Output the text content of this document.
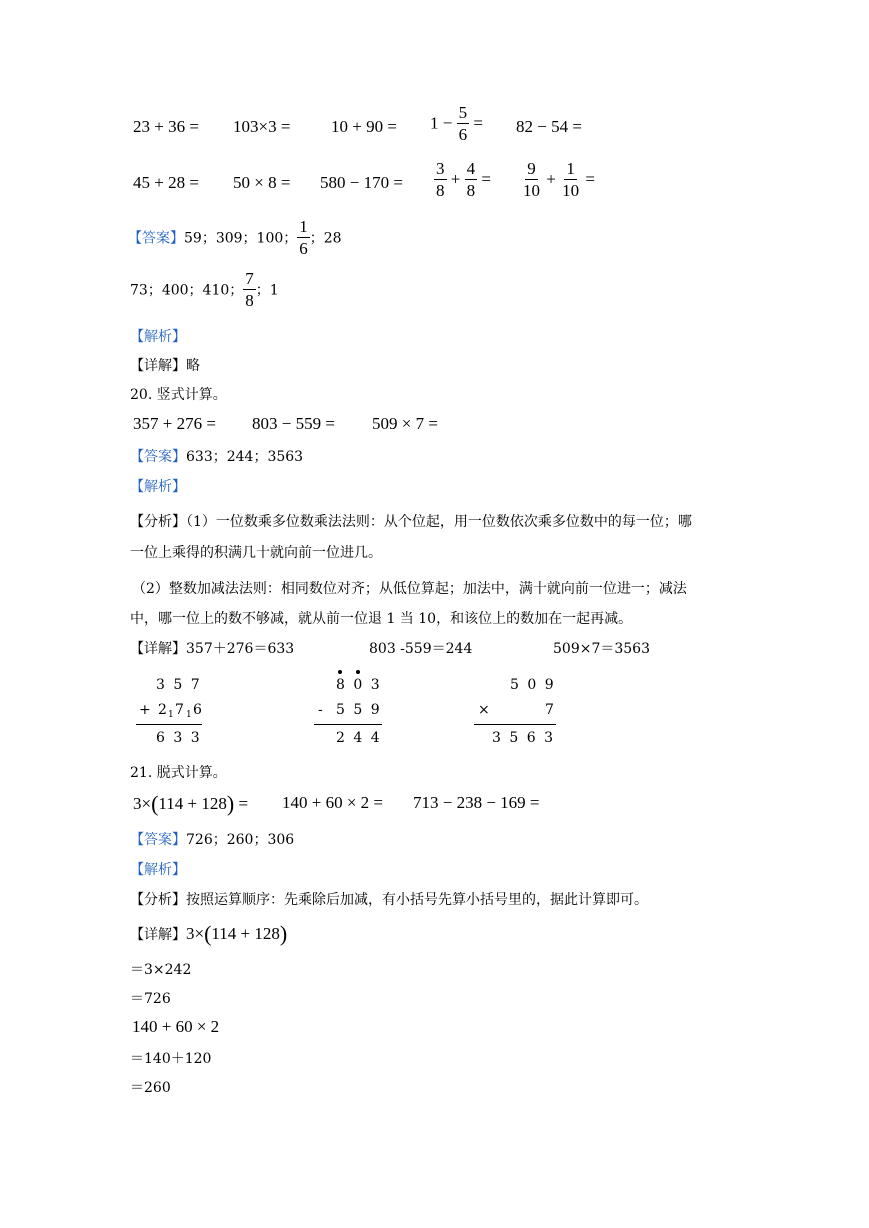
$23 + 36 = 103\times 3 = 10 + 90 = 1 - \frac{5}{6} = 82 - 54$ =
$45 + 28 = 50 \times 8 = 580 - 170 = \frac{3}{8} + \frac{4}{8} = \frac{9}{10} + \frac{1}{10}$ =
【答案】59；309；100； $\frac{1}{6}$ ；28
73；400；410； $\frac{7}{8}$ ；1
【解析】
【详解】略
20. 竖式计算。
357 + 276 = 803 − 559 = 509 × 7 =
【答案】633；244；3563
【解析】
【分析】（1）一位数乘多位数乘法法则：从个位起，用一位数依次乘多位数中的每一位；哪
一位上乘得的积满几十就向前一位进几。
（2）整数加减法法则：相同数位对齐；从低位算起；加法中，满十就向前一位进一；减法
中，哪一位上的数不够减，就从前一位退 1 当 10，和该位上的数加在一起再减。
【详解】357＋276＝633	803 -559＝244	509×7＝3563
3 5 7
+ 2 1 7 1 6
6 3 3
8 0 3
- 5 5 9
2 4 4
5 0 9
×	7
3 5 6 3
21. 脱式计算。
3×(114 + 128) = 140 + 60 × 2 = 713 − 238 − 169 =
【答案】726；260；306
【解析】
【分析】按照运算顺序：先乘除后加减，有小括号先算小括号里的，据此计算即可。
【详解】3×(114 + 128)
＝3×242
＝726
140 + 60 × 2
＝140＋120
＝260
